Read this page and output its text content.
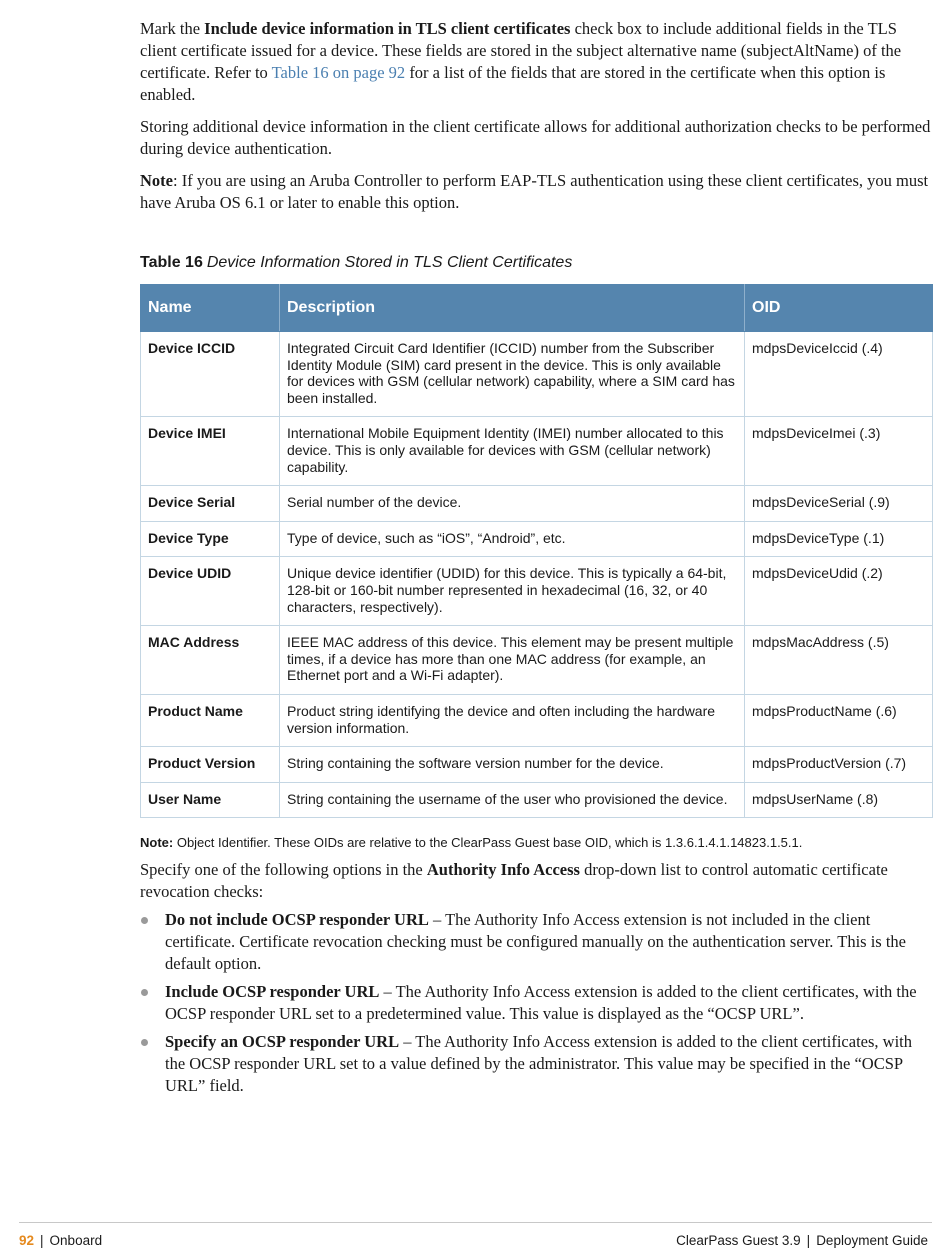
Mark the Include device information in TLS client certificates check box to include additional fields in the TLS client certificate issued for a device. These fields are stored in the subject alternative name (subjectAltName) of the certificate. Refer to Table 16 on page 92 for a list of the fields that are stored in the certificate when this option is enabled.

Storing additional device information in the client certificate allows for additional authorization checks to be performed during device authentication.

Note: If you are using an Aruba Controller to perform EAP-TLS authentication using these client certificates, you must have Aruba OS 6.1 or later to enable this option.

Table 16 Device Information Stored in TLS Client Certificates
Name	Description	OID
Device ICCID	Integrated Circuit Card Identifier (ICCID) number from the Subscriber Identity Module (SIM) card present in the device. This is only available for devices with GSM (cellular network) capability, where a SIM card has been installed.	mdpsDeviceIccid (.4)
Device IMEI	International Mobile Equipment Identity (IMEI) number allocated to this device. This is only available for devices with GSM (cellular network) capability.	mdpsDeviceImei (.3)
Device Serial	Serial number of the device.	mdpsDeviceSerial (.9)
Device Type	Type of device, such as “iOS”, “Android”, etc.	mdpsDeviceType (.1)
Device UDID	Unique device identifier (UDID) for this device. This is typically a 64-bit, 128-bit or 160-bit number represented in hexadecimal (16, 32, or 40 characters, respectively).	mdpsDeviceUdid (.2)
MAC Address	IEEE MAC address of this device. This element may be present multiple times, if a device has more than one MAC address (for example, an Ethernet port and a Wi-Fi adapter).	mdpsMacAddress (.5)
Product Name	Product string identifying the device and often including the hardware version information.	mdpsProductName (.6)
Product Version	String containing the software version number for the device.	mdpsProductVersion (.7)
User Name	String containing the username of the user who provisioned the device.	mdpsUserName (.8)
Note: Object Identifier. These OIDs are relative to the ClearPass Guest base OID, which is 1.3.6.1.4.1.14823.1.5.1.

Specify one of the following options in the Authority Info Access drop-down list to control automatic certificate revocation checks:

Do not include OCSP responder URL – The Authority Info Access extension is not included in the client certificate. Certificate revocation checking must be configured manually on the authentication server. This is the default option.
Include OCSP responder URL – The Authority Info Access extension is added to the client certificates, with the OCSP responder URL set to a predetermined value. This value is displayed as the “OCSP URL”.
Specify an OCSP responder URL – The Authority Info Access extension is added to the client certificates, with the OCSP responder URL set to a value defined by the administrator. This value may be specified in the “OCSP URL” field.
92 | Onboard	ClearPass Guest 3.9 | Deployment Guide
